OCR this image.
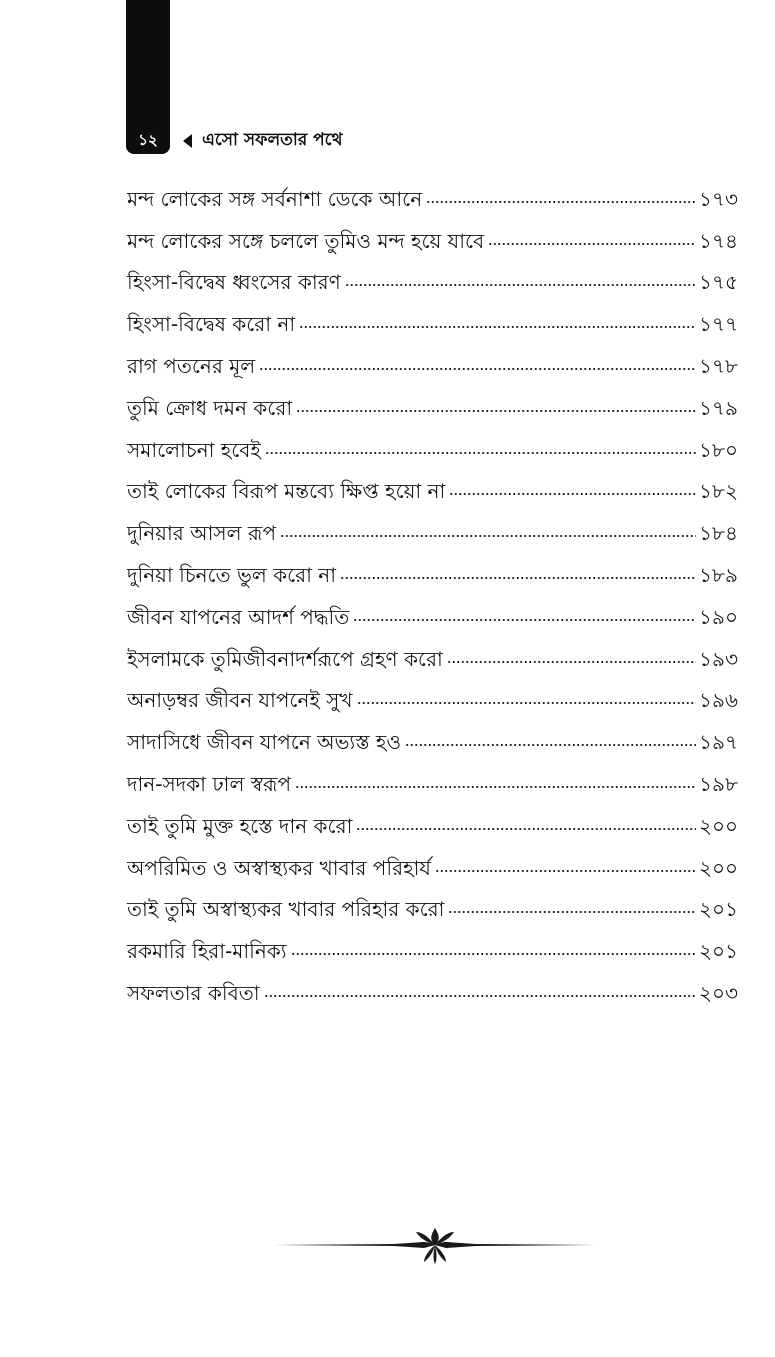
১২	এসো সফলতার পথে
মন্দ লোকের সঙ্গ সর্বনাশা ডেকে আনে	১৭৩
মন্দ লোকের সঙ্গে চললে তুমিও মন্দ হয়ে যাবে	১৭৪
হিংসা-বিদ্বেষ ধ্বংসের কারণ	১৭৫
হিংসা-বিদ্বেষ করো না	১৭৭
রাগ পতনের মূল	১৭৮
তুমি ক্রোধ দমন করো	১৭৯
সমালোচনা হবেই	১৮০
তাই লোকের বিরূপ মন্তব্যে ক্ষিপ্ত হয়ো না	১৮২
দুনিয়ার আসল রূপ	১৮৪
দুনিয়া চিনতে ভুল করো না	১৮৯
জীবন যাপনের আদর্শ পদ্ধতি	১৯০
ইসলামকে তুমিজীবনাদর্শরূপে গ্রহণ করো	১৯৩
অনাড়ম্বর জীবন যাপনেই সুখ	১৯৬
সাদাসিধে জীবন যাপনে অভ্যস্ত হও	১৯৭
দান-সদকা ঢাল স্বরূপ	১৯৮
তাই তুমি মুক্ত হস্তে দান করো	২০০
অপরিমিত ও অস্বাস্থ্যকর খাবার পরিহার্য	২০০
তাই তুমি অস্বাস্থ্যকর খাবার পরিহার করো	২০১
রকমারি হিরা-মানিক্য	২০১
সফলতার কবিতা	২০৩
